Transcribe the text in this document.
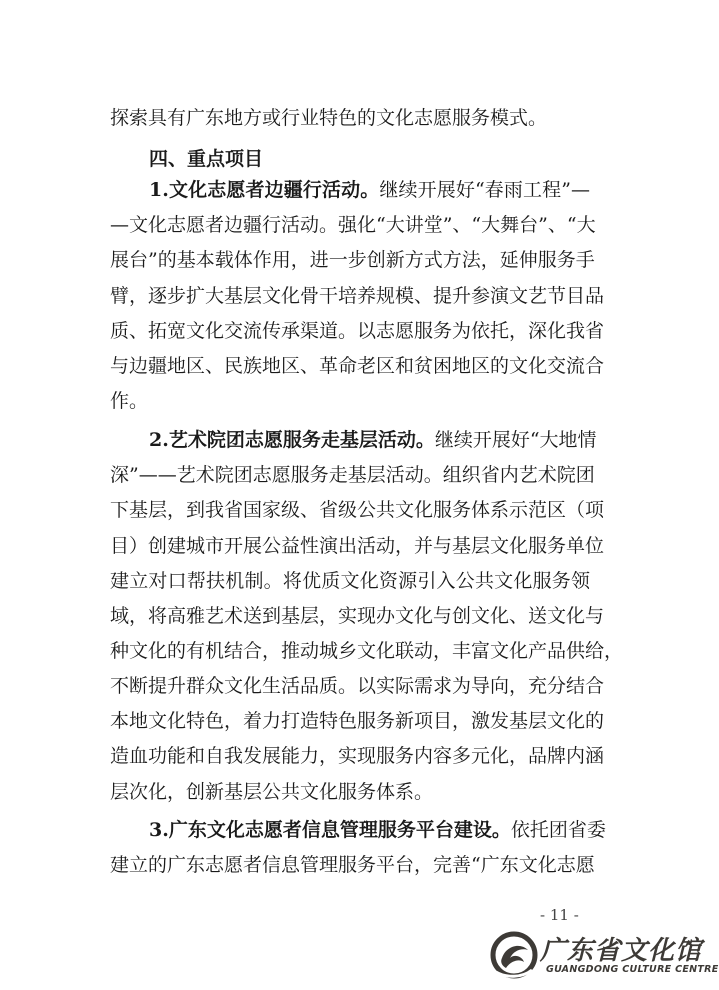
探索具有广东地方或行业特色的文化志愿服务模式。
四、重点项目
1.文化志愿者边疆行活动。继续开展好“春雨工程”—
—文化志愿者边疆行活动。强化“大讲堂”、“大舞台”、“大
展台”的基本载体作用，进一步创新方式方法，延伸服务手
臂，逐步扩大基层文化骨干培养规模、提升参演文艺节目品
质、拓宽文化交流传承渠道。以志愿服务为依托，深化我省
与边疆地区、民族地区、革命老区和贫困地区的文化交流合
作。
2.艺术院团志愿服务走基层活动。继续开展好“大地情
深”——艺术院团志愿服务走基层活动。组织省内艺术院团
下基层，到我省国家级、省级公共文化服务体系示范区（项
目）创建城市开展公益性演出活动，并与基层文化服务单位
建立对口帮扶机制。将优质文化资源引入公共文化服务领
域，将高雅艺术送到基层，实现办文化与创文化、送文化与
种文化的有机结合，推动城乡文化联动，丰富文化产品供给，
不断提升群众文化生活品质。以实际需求为导向，充分结合
本地文化特色，着力打造特色服务新项目，激发基层文化的
造血功能和自我发展能力，实现服务内容多元化，品牌内涵
层次化，创新基层公共文化服务体系。
3.广东文化志愿者信息管理服务平台建设。依托团省委
建立的广东志愿者信息管理服务平台，完善“广东文化志愿
- 11 -
广东省文化馆
GUANGDONG CULTURE CENTRE
